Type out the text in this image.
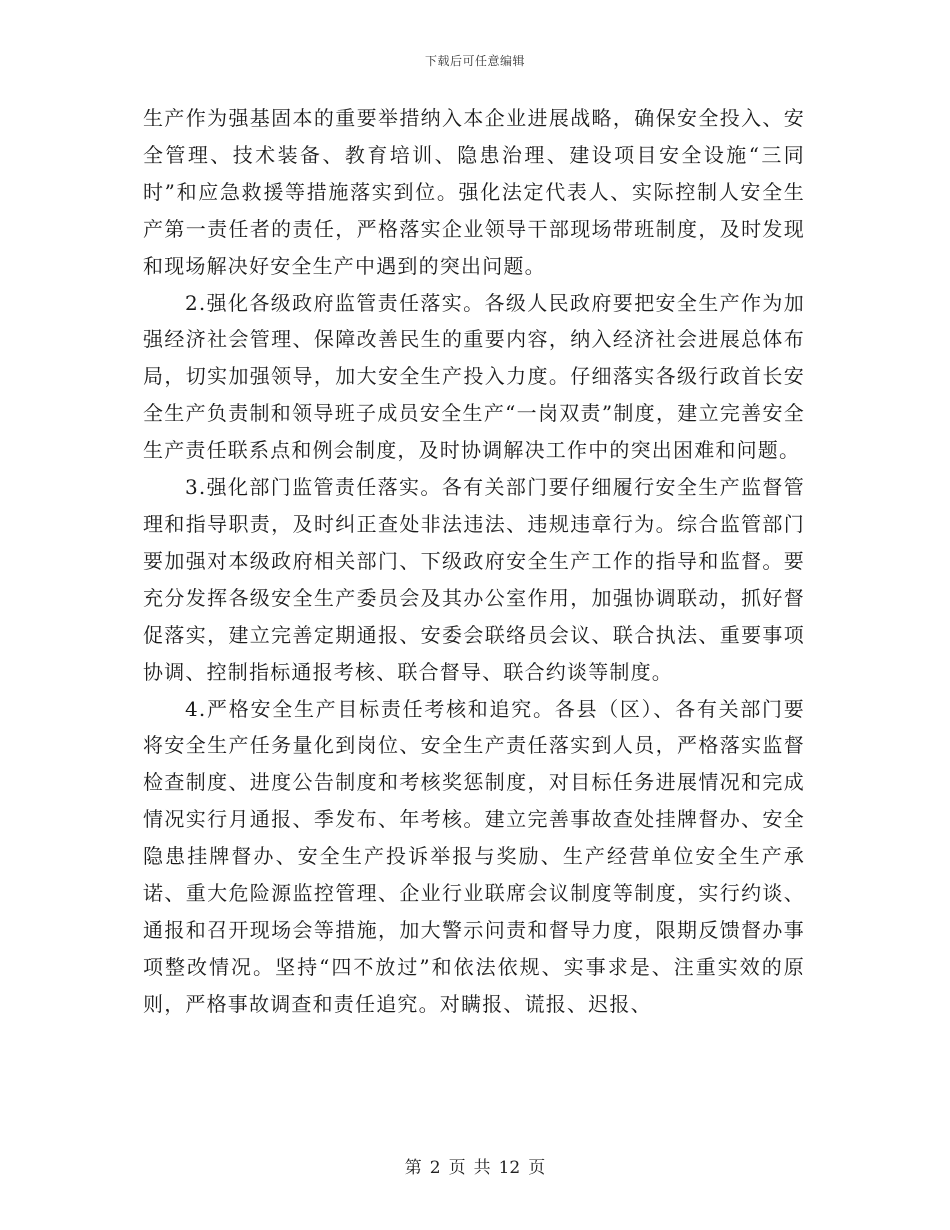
下载后可任意编辑

生产作为强基固本的重要举措纳入本企业进展战略，确保安全投入、安全管理、技术装备、教育培训、隐患治理、建设项目安全设施“三同时”和应急救援等措施落实到位。强化法定代表人、实际控制人安全生产第一责任者的责任，严格落实企业领导干部现场带班制度，及时发现和现场解决好安全生产中遇到的突出问题。

2.强化各级政府监管责任落实。各级人民政府要把安全生产作为加强经济社会管理、保障改善民生的重要内容，纳入经济社会进展总体布局，切实加强领导，加大安全生产投入力度。仔细落实各级行政首长安全生产负责制和领导班子成员安全生产“一岗双责”制度，建立完善安全生产责任联系点和例会制度，及时协调解决工作中的突出困难和问题。

3.强化部门监管责任落实。各有关部门要仔细履行安全生产监督管理和指导职责，及时纠正查处非法违法、违规违章行为。综合监管部门要加强对本级政府相关部门、下级政府安全生产工作的指导和监督。要充分发挥各级安全生产委员会及其办公室作用，加强协调联动，抓好督促落实，建立完善定期通报、安委会联络员会议、联合执法、重要事项协调、控制指标通报考核、联合督导、联合约谈等制度。

4.严格安全生产目标责任考核和追究。各县（区）、各有关部门要将安全生产任务量化到岗位、安全生产责任落实到人员，严格落实监督检查制度、进度公告制度和考核奖惩制度，对目标任务进展情况和完成情况实行月通报、季发布、年考核。建立完善事故查处挂牌督办、安全隐患挂牌督办、安全生产投诉举报与奖励、生产经营单位安全生产承诺、重大危险源监控管理、企业行业联席会议制度等制度，实行约谈、通报和召开现场会等措施，加大警示问责和督导力度，限期反馈督办事项整改情况。坚持“四不放过”和依法依规、实事求是、注重实效的原则，严格事故调查和责任追究。对瞒报、谎报、迟报、

第 2 页 共 12 页
